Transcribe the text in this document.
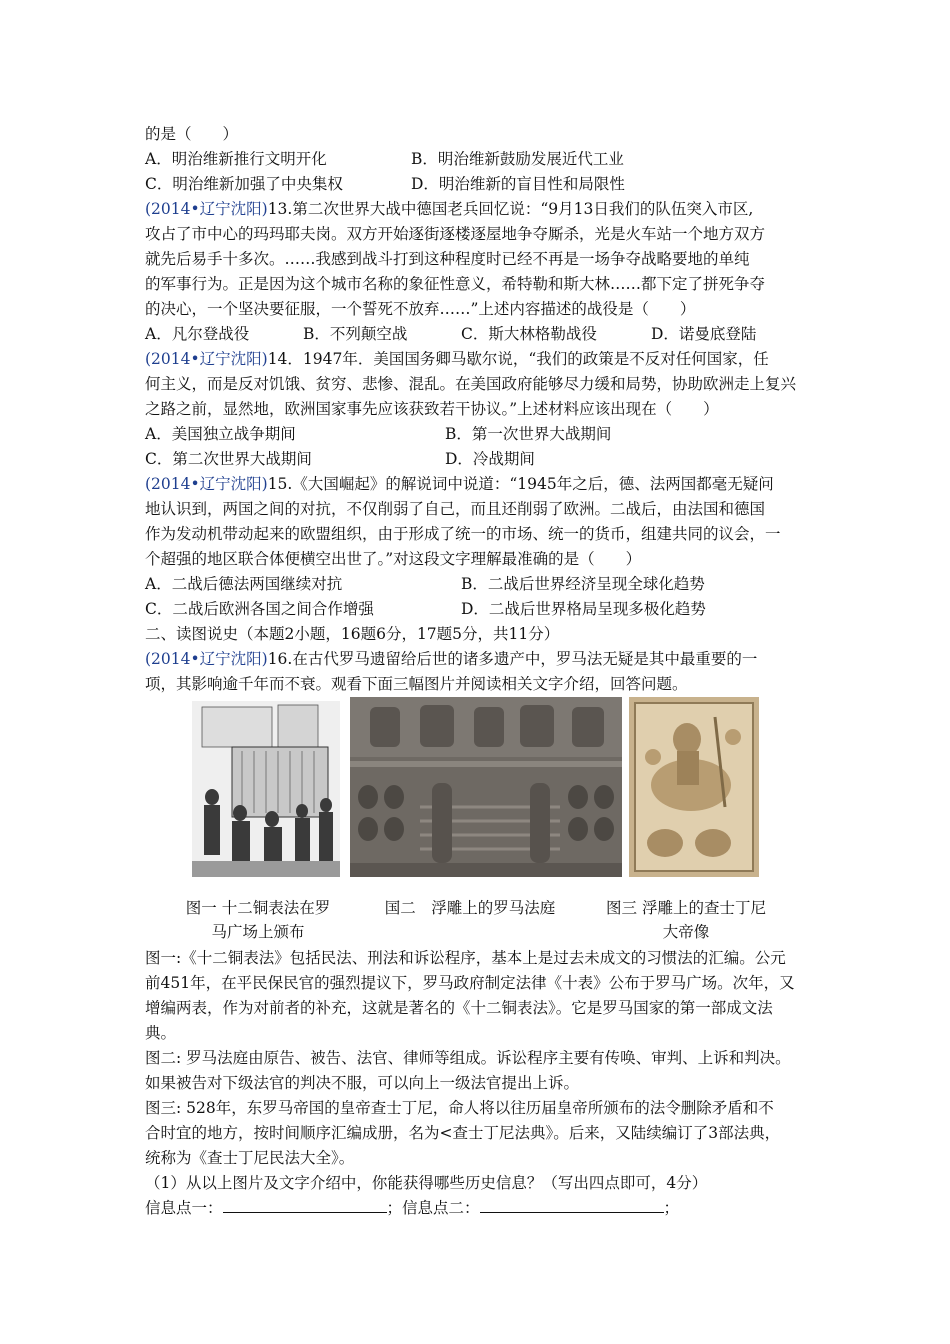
的是（　　）
A．明治维新推行文明开化	B．明治维新鼓励发展近代工业
C．明治维新加强了中央集权	D．明治维新的盲目性和局限性
(2014•辽宁沈阳)13.第二次世界大战中德国老兵回忆说：“9月13日我们的队伍突入市区,
攻占了市中心的玛玛耶夫岗。双方开始逐街逐楼逐屋地争夺厮杀，光是火车站一个地方双方
就先后易手十多次。……我感到战斗打到这种程度时已经不再是一场争夺战略要地的单纯
的军事行为。正是因为这个城市名称的象征性意义，希特勒和斯大林……都下定了拼死争夺
的决心，一个坚决要征服，一个誓死不放弃……”上述内容描述的战役是（　　）
A．凡尔登战役	B．不列颠空战	C．斯大林格勒战役	D．诺曼底登陆
(2014•辽宁沈阳)14．1947年．美国国务卿马歇尔说，“我们的政策是不反对任何国家，任
何主义，而是反对饥饿、贫穷、悲惨、混乱。在美国政府能够尽力缓和局势，协助欧洲走上复兴
之路之前，显然地，欧洲国家事先应该获致若干协议。”上述材料应该出现在（　　）
A．美国独立战争期间	B．第一次世界大战期间
C．第二次世界大战期间	D．冷战期间
(2014•辽宁沈阳)15.《大国崛起》的解说词中说道：“1945年之后，德、法两国都毫无疑问
地认识到，两国之间的对抗，不仅削弱了自己，而且还削弱了欧洲。二战后，由法国和德国
作为发动机带动起来的欧盟组织，由于形成了统一的市场、统一的货币，组建共同的议会，一
个超强的地区联合体便横空出世了。”对这段文字理解最准确的是（　　）
A．二战后德法两国继续对抗	B．二战后世界经济呈现全球化趋势
C．二战后欧洲各国之间合作增强	D．二战后世界格局呈现多极化趋势
二、读图说史（本题2小题，16题6分，17题5分，共11分）
(2014•辽宁沈阳)16.在古代罗马遗留给后世的诸多遗产中，罗马法无疑是其中最重要的一
项，其影响逾千年而不衰。观看下面三幅图片并阅读相关文字介绍，回答问题。
图一 十二铜表法在罗
马广场上颁布
国二　浮雕上的罗马法庭	图三 浮雕上的查士丁尼
大帝像
图一:《十二铜表法》包括民法、刑法和诉讼程序，基本上是过去未成文的习惯法的汇编。公元
前451年，在平民保民官的强烈提议下，罗马政府制定法律《十表》公布于罗马广场。次年，又
增编两表，作为对前者的补充，这就是著名的《十二铜表法》。它是罗马国家的第一部成文法
典。
图二: 罗马法庭由原告、被告、法官、律师等组成。诉讼程序主要有传唤、审判、上诉和判决。
如果被告对下级法官的判决不服，可以向上一级法官提出上诉。
图三: 528年，东罗马帝国的皇帝查士丁尼，命人将以往历届皇帝所颁布的法令删除矛盾和不
合时宜的地方，按时间顺序汇编成册，名为<查士丁尼法典》。后来，又陆续编订了3部法典，
统称为《查士丁尼民法大全》。
（1）从以上图片及文字介绍中，你能获得哪些历史信息？（写出四点即可，4分）
信息点一：	；信息点二：	；
